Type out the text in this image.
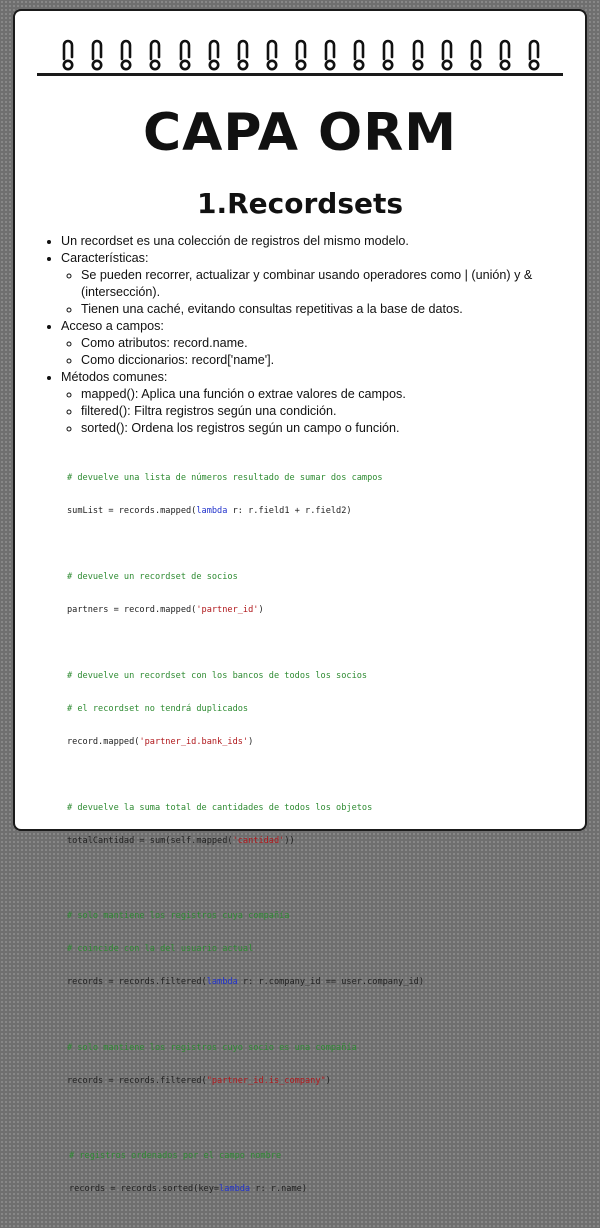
CAPA ORM
1.Recordsets
• Un recordset es una colección de registros del mismo modelo.
• Características:
◦ Se pueden recorrer, actualizar y combinar usando operadores como | (unión) y & (intersección).
◦ Tienen una caché, evitando consultas repetitivas a la base de datos.
• Acceso a campos:
◦ Como atributos: record.name.
◦ Como diccionarios: record['name'].
• Métodos comunes:
◦ mapped(): Aplica una función o extrae valores de campos.
◦ filtered(): Filtra registros según una condición.
◦ sorted(): Ordena los registros según un campo o función.

# devuelve una lista de números resultado de sumar dos campos

sumList = records.mapped(lambda r: r.field1 + r.field2)

# devuelve un recordset de socios

partners = record.mapped('partner_id')

# devuelve un recordset con los bancos de todos los socios

# el recordset no tendrá duplicados

record.mapped('partner_id.bank_ids')

# devuelve la suma total de cantidades de todos los objetos

totalCantidad = sum(self.mapped('cantidad'))

# solo mantiene los registros cuya compañía

# coincide con la del usuario actual

records = records.filtered(lambda r: r.company_id == user.company_id)

# solo mantiene los registros cuyo socio es una compañía

records = records.filtered("partner_id.is_company")

# registros ordenados por el campo nombre

records = records.sorted(key=lambda r: r.name)
